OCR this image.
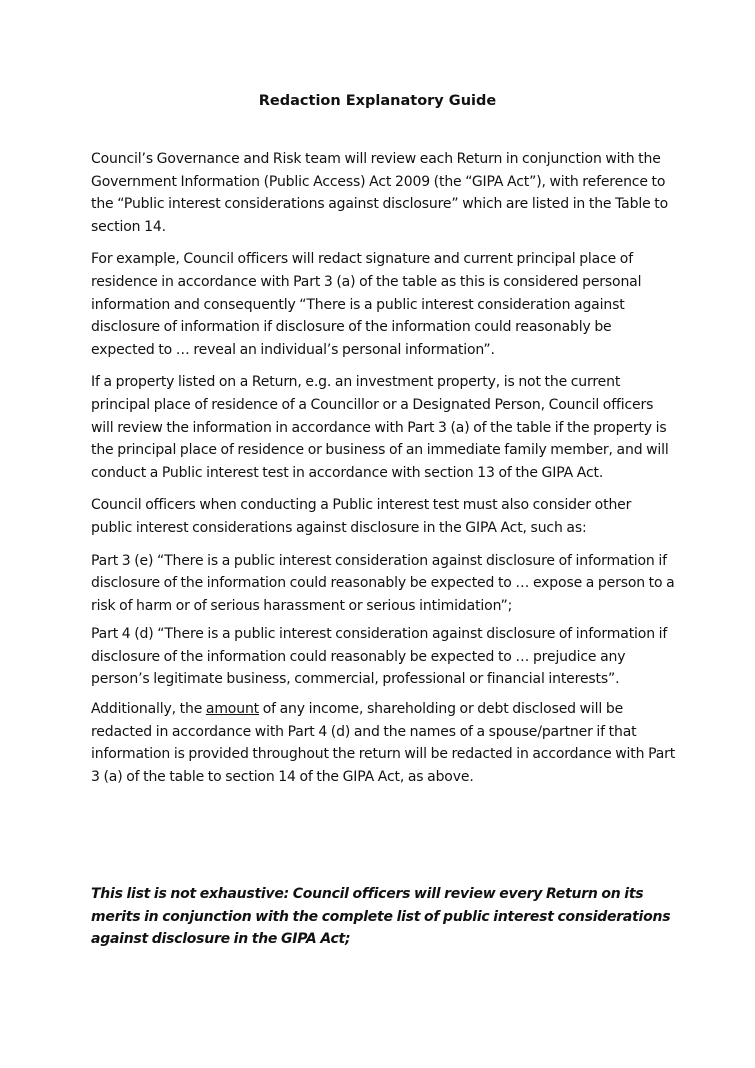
Redaction Explanatory Guide

Council’s Governance and Risk team will review each Return in conjunction with the Government Information (Public Access) Act 2009 (the “GIPA Act”), with reference to the “Public interest considerations against disclosure” which are listed in the Table to section 14.

For example, Council officers will redact signature and current principal place of residence in accordance with Part 3 (a) of the table as this is considered personal information and consequently “There is a public interest consideration against disclosure of information if disclosure of the information could reasonably be expected to … reveal an individual’s personal information”.

If a property listed on a Return, e.g. an investment property, is not the current principal place of residence of a Councillor or a Designated Person, Council officers will review the information in accordance with Part 3 (a) of the table if the property is the principal place of residence or business of an immediate family member, and will conduct a Public interest test in accordance with section 13 of the GIPA Act.

Council officers when conducting a Public interest test must also consider other public interest considerations against disclosure in the GIPA Act, such as:

Part 3 (e) “There is a public interest consideration against disclosure of information if disclosure of the information could reasonably be expected to … expose a person to a risk of harm or of serious harassment or serious intimidation”;

Part 4 (d) “There is a public interest consideration against disclosure of information if disclosure of the information could reasonably be expected to … prejudice any person’s legitimate business, commercial, professional or financial interests”.

Additionally, the amount of any income, shareholding or debt disclosed will be redacted in accordance with Part 4 (d) and the names of a spouse/partner if that information is provided throughout the return will be redacted in accordance with Part 3 (a) of the table to section 14 of the GIPA Act, as above.

This list is not exhaustive: Council officers will review every Return on its merits in conjunction with the complete list of public interest considerations against disclosure in the GIPA Act;
